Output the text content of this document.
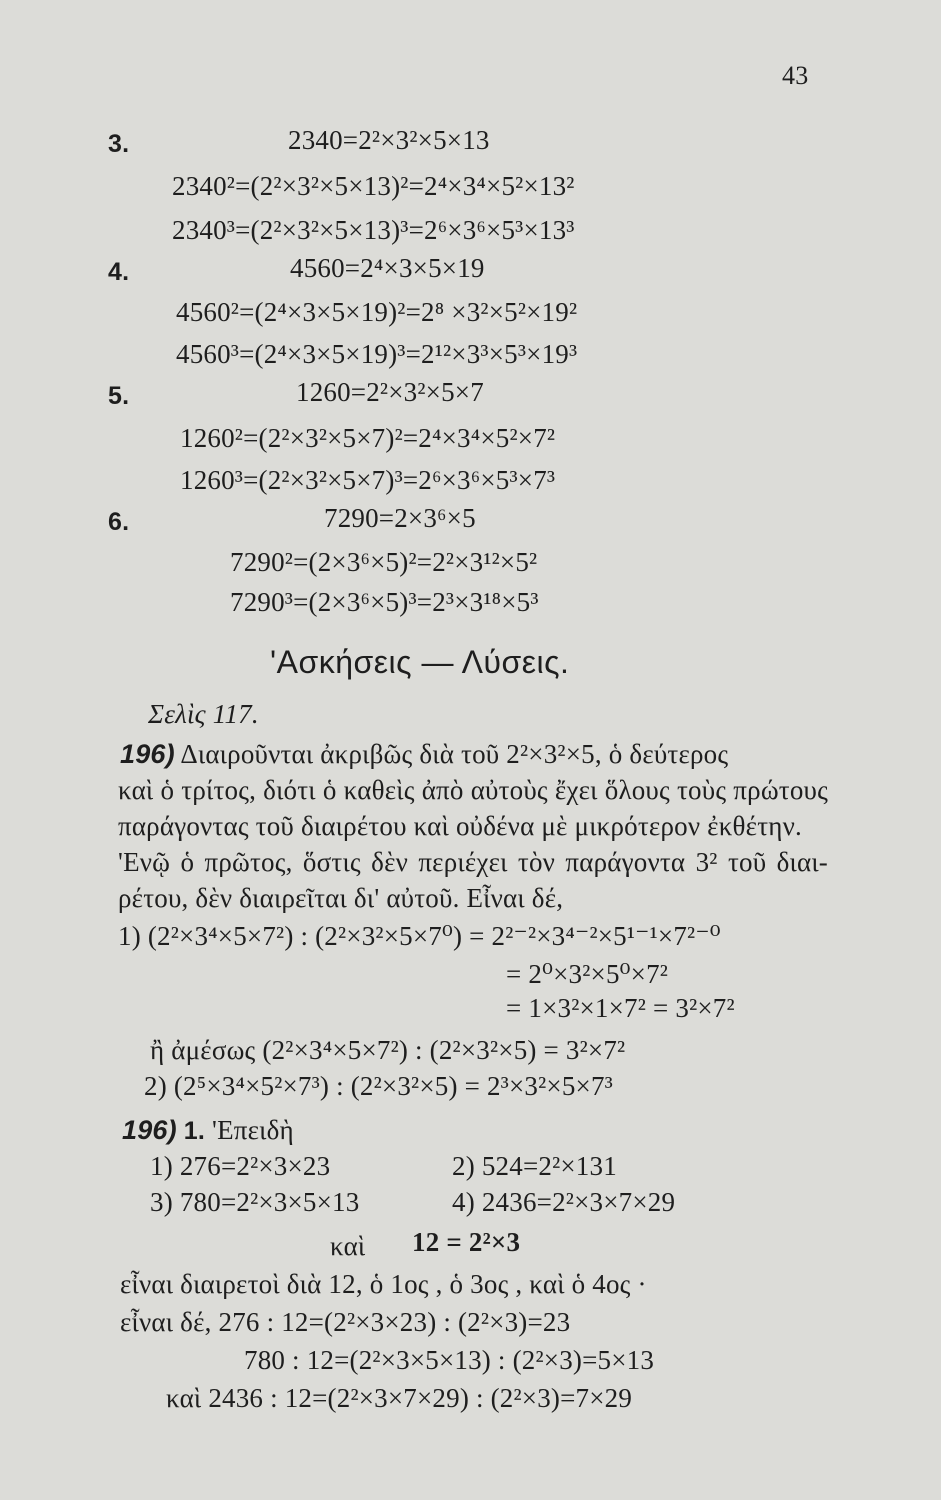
43
3.	2340=2²×3²×5×13
2340²=(2²×3²×5×13)²=2⁴×3⁴×5²×13²
2340³=(2²×3²×5×13)³=2⁶×3⁶×5³×13³
4.	4560=2⁴×3×5×19
4560²=(2⁴×3×5×19)²=2⁸ ×3²×5²×19²
4560³=(2⁴×3×5×19)³=2¹²×3³×5³×19³
5.	1260=2²×3²×5×7
1260²=(2²×3²×5×7)²=2⁴×3⁴×5²×7²
1260³=(2²×3²×5×7)³=2⁶×3⁶×5³×7³
6.	7290=2×3⁶×5
7290²=(2×3⁶×5)²=2²×3¹²×5²
7290³=(2×3⁶×5)³=2³×3¹⁸×5³
'Ασκήσεις — Λύσεις.
Σελὶς 117.
196) Διαιροῦνται ἀκριβῶς διὰ τοῦ 2²×3²×5, ὁ δεύτερος
καὶ ὁ τρίτος, διότι ὁ καθεὶς ἀπὸ αὐτοὺς ἔχει ὅλους τοὺς πρώτους
παράγοντας τοῦ διαιρέτου καὶ οὐδένα μὲ μικρότερον ἐκθέτην.
'Ενῷ ὁ πρῶτος, ὅστις δὲν περιέχει τὸν παράγοντα 3² τοῦ διαι-
ρέτου, δὲν διαιρεῖται δι' αὐτοῦ. Εἶναι δέ,
1) (2²×3⁴×5×7²) : (2²×3²×5×7⁰) = 2²⁻²×3⁴⁻²×5¹⁻¹×7²⁻⁰
= 2⁰×3²×5⁰×7²
= 1×3²×1×7² = 3²×7²
ἢ ἀμέσως (2²×3⁴×5×7²) : (2²×3²×5) = 3²×7²
2) (2⁵×3⁴×5²×7³) : (2²×3²×5) = 2³×3²×5×7³
196) 1. 'Επειδὴ
1) 276=2²×3×23	2) 524=2²×131
3) 780=2²×3×5×13	4) 2436=2²×3×7×29
καὶ 12 = 2²×3
εἶναι διαιρετοὶ διὰ 12, ὁ 1ος , ὁ 3ος , καὶ ὁ 4ος ·
εἶναι δέ, 276 : 12=(2²×3×23) : (2²×3)=23
780 : 12=(2²×3×5×13) : (2²×3)=5×13
καὶ 2436 : 12=(2²×3×7×29) : (2²×3)=7×29
